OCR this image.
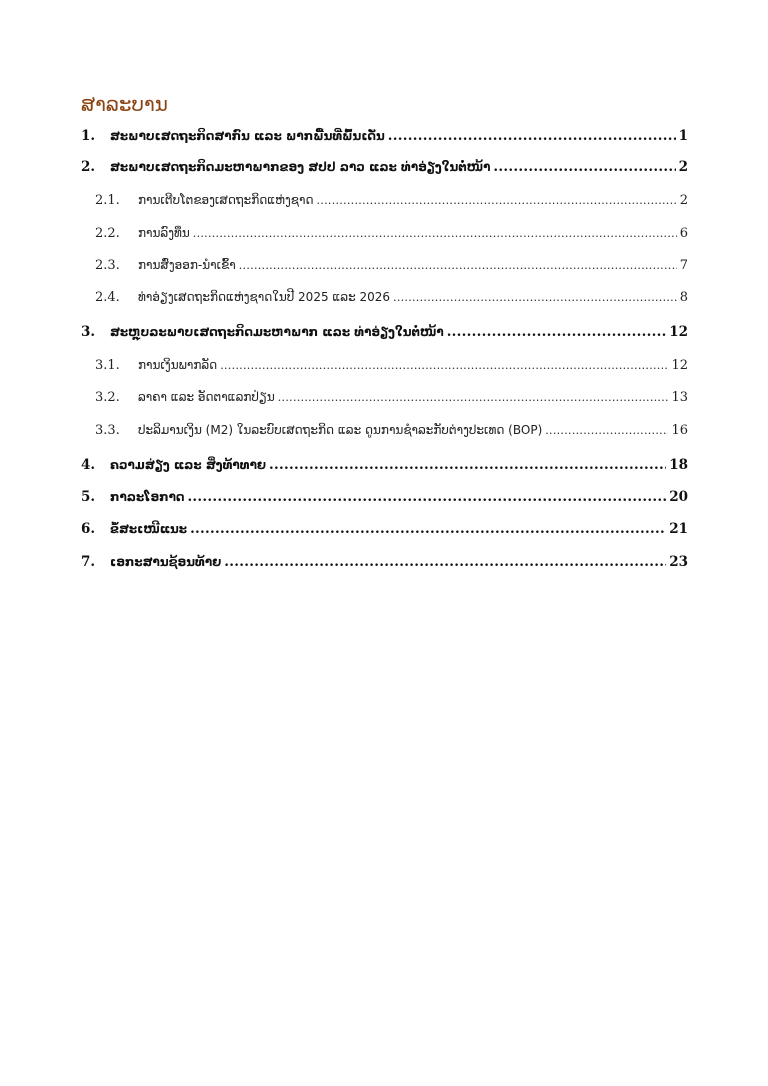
ສາລະບານ
1.	ສະພາບເສດຖະກິດສາກົນ ແລະ ພາກພື້ນທີ່ພົ້ນເດັ່ນ .....	1
2.	ສະພາບເສດຖະກິດມະຫາພາກຂອງ ສປປ ລາວ ແລະ ທ່າອ່ຽງໃນຕໍ່ໜ້າ .....	2
2.1.	ການເຕີບໂຕຂອງເສດຖະກິດແຫ່ງຊາດ .....	2
2.2.	ການລົງທຶນ .....	6
2.3.	ການສົ່ງອອກ-ນຳເຂົ້າ .....	7
2.4.	ທ່າອ່ຽງເສດຖະກິດແຫ່ງຊາດໃນປີ 2025 ແລະ 2026 .....	8
3.	ສະຫຼຸບລະພາບເສດຖະກິດມະຫາພາກ ແລະ ທ່າອ່ຽງໃນຕໍ່ໜ້າ .....	12
3.1.	ການເງິນພາກລັດ .....	12
3.2.	ລາຄາ ແລະ ອັດຕາແລກປ່ຽນ .....	13
3.3.	ປະລິມານເງິນ (M2) ໃນລະບົບເສດຖະກິດ ແລະ ດູນການຊໍາລະກັບຕ່າງປະເທດ (BOP) .....	16
4.	ຄວາມສ່ຽງ ແລະ ສິ່ງທ້າທາຍ .....	18
5.	ກາລະໂອກາດ .....	20
6.	ຂໍ້ສະເໜີແນະ .....	21
7.	ເອກະສານຊ້ອນທ້າຍ .....	23
